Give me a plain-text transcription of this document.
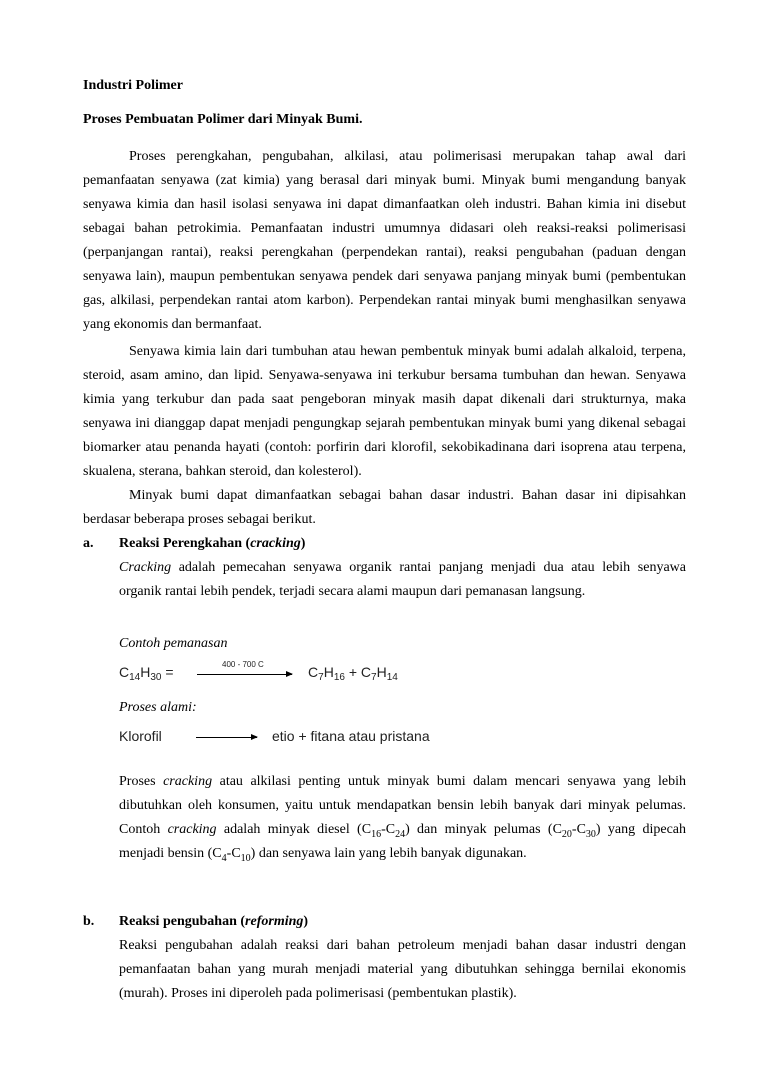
Industri Polimer
Proses Pembuatan Polimer dari Minyak Bumi.

Proses perengkahan, pengubahan, alkilasi, atau polimerisasi merupakan tahap awal dari pemanfaatan senyawa (zat kimia) yang berasal dari minyak bumi. Minyak bumi mengandung banyak senyawa kimia dan hasil isolasi senyawa ini dapat dimanfaatkan oleh industri. Bahan kimia ini disebut sebagai bahan petrokimia. Pemanfaatan industri umumnya didasari oleh reaksi-reaksi polimerisasi (perpanjangan rantai), reaksi perengkahan (perpendekan rantai), reaksi pengubahan (paduan dengan senyawa lain), maupun pembentukan senyawa pendek dari senyawa panjang minyak bumi (pembentukan gas, alkilasi, perpendekan rantai atom karbon). Perpendekan rantai minyak bumi menghasilkan senyawa yang ekonomis dan bermanfaat.

Senyawa kimia lain dari tumbuhan atau hewan pembentuk minyak bumi adalah alkaloid, terpena, steroid, asam amino, dan lipid. Senyawa-senyawa ini terkubur bersama tumbuhan dan hewan. Senyawa kimia yang terkubur dan pada saat pengeboran minyak masih dapat dikenali dari strukturnya, maka senyawa ini dianggap dapat menjadi pengungkap sejarah pembentukan minyak bumi yang dikenal sebagai biomarker atau penanda hayati (contoh: porfirin dari klorofil, sekobikadinana dari isoprena atau terpena, skualena, sterana, bahkan steroid, dan kolesterol).

Minyak bumi dapat dimanfaatkan sebagai bahan dasar industri. Bahan dasar ini dipisahkan berdasar beberapa proses sebagai berikut.

a. Reaksi Perengkahan (cracking)

Cracking adalah pemecahan senyawa organik rantai panjang menjadi dua atau lebih senyawa organik rantai lebih pendek, terjadi secara alami maupun dari pemanasan langsung.

Contoh pemanasan
$C_{14}H_{30}$ =	400 - 700 C	$C_7H_{16} + C_7H_{14}$
Proses alami:
Klorofil	etio + fitana atau pristana

Proses cracking atau alkilasi penting untuk minyak bumi dalam mencari senyawa yang lebih dibutuhkan oleh konsumen, yaitu untuk mendapatkan bensin lebih banyak dari minyak pelumas. Contoh cracking adalah minyak diesel $(C_{16}-C_{24})$ dan minyak pelumas $(C_{20}-C_{30})$ yang dipecah menjadi bensin $(C_4-C_{10})$ dan senyawa lain yang lebih banyak digunakan.

b. Reaksi pengubahan (reforming)

Reaksi pengubahan adalah reaksi dari bahan petroleum menjadi bahan dasar industri dengan pemanfaatan bahan yang murah menjadi material yang dibutuhkan sehingga bernilai ekonomis (murah). Proses ini diperoleh pada polimerisasi (pembentukan plastik).
